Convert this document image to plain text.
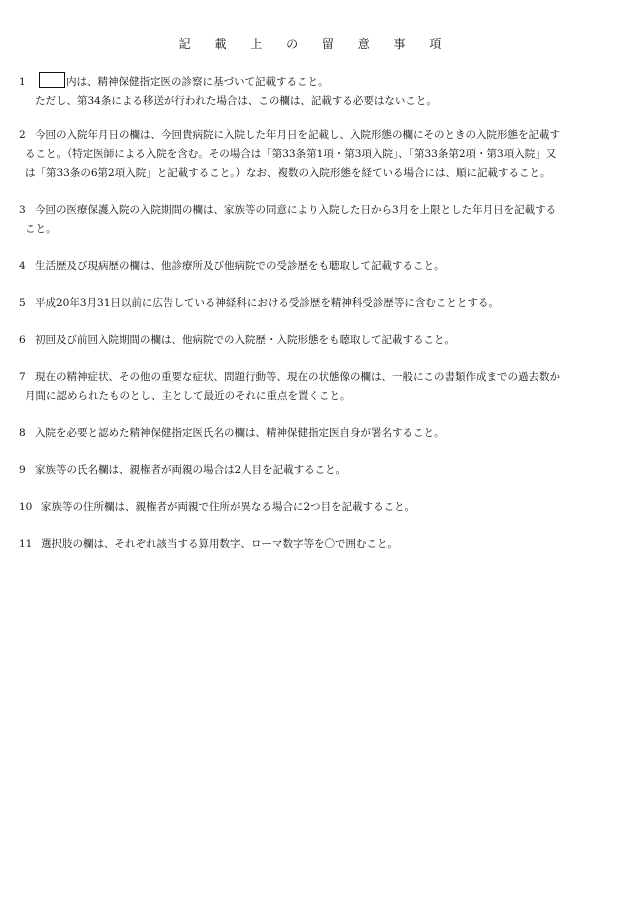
記 載 上 の 留 意 事 項
1	内は、精神保健指定医の診察に基づいて記載すること。
ただし、第34条による移送が行われた場合は、この欄は、記載する必要はないこと。
2 今回の入院年月日の欄は、今回貴病院に入院した年月日を記載し、入院形態の欄にそのときの入院形態を記載す
ること。（特定医師による入院を含む。その場合は「第33条第1項・第3項入院」、「第33条第2項・第3項入院」又
は「第33条の6第2項入院」と記載すること。）なお、複数の入院形態を経ている場合には、順に記載すること。
3 今回の医療保護入院の入院期間の欄は、家族等の同意により入院した日から3月を上限とした年月日を記載する
こと。
4 生活歴及び現病歴の欄は、他診療所及び他病院での受診歴をも聴取して記載すること。
5 平成20年3月31日以前に広告している神経科における受診歴を精神科受診歴等に含むこととする。
6 初回及び前回入院期間の欄は、他病院での入院歴・入院形態をも聴取して記載すること。
7 現在の精神症状、その他の重要な症状、問題行動等、現在の状態像の欄は、一般にこの書類作成までの過去数か
月間に認められたものとし、主として最近のそれに重点を置くこと。
8 入院を必要と認めた精神保健指定医氏名の欄は、精神保健指定医自身が署名すること。
9 家族等の氏名欄は、親権者が両親の場合は2人目を記載すること。
10 家族等の住所欄は、親権者が両親で住所が異なる場合に2つ目を記載すること。
11 選択肢の欄は、それぞれ該当する算用数字、ローマ数字等を〇で囲むこと。
